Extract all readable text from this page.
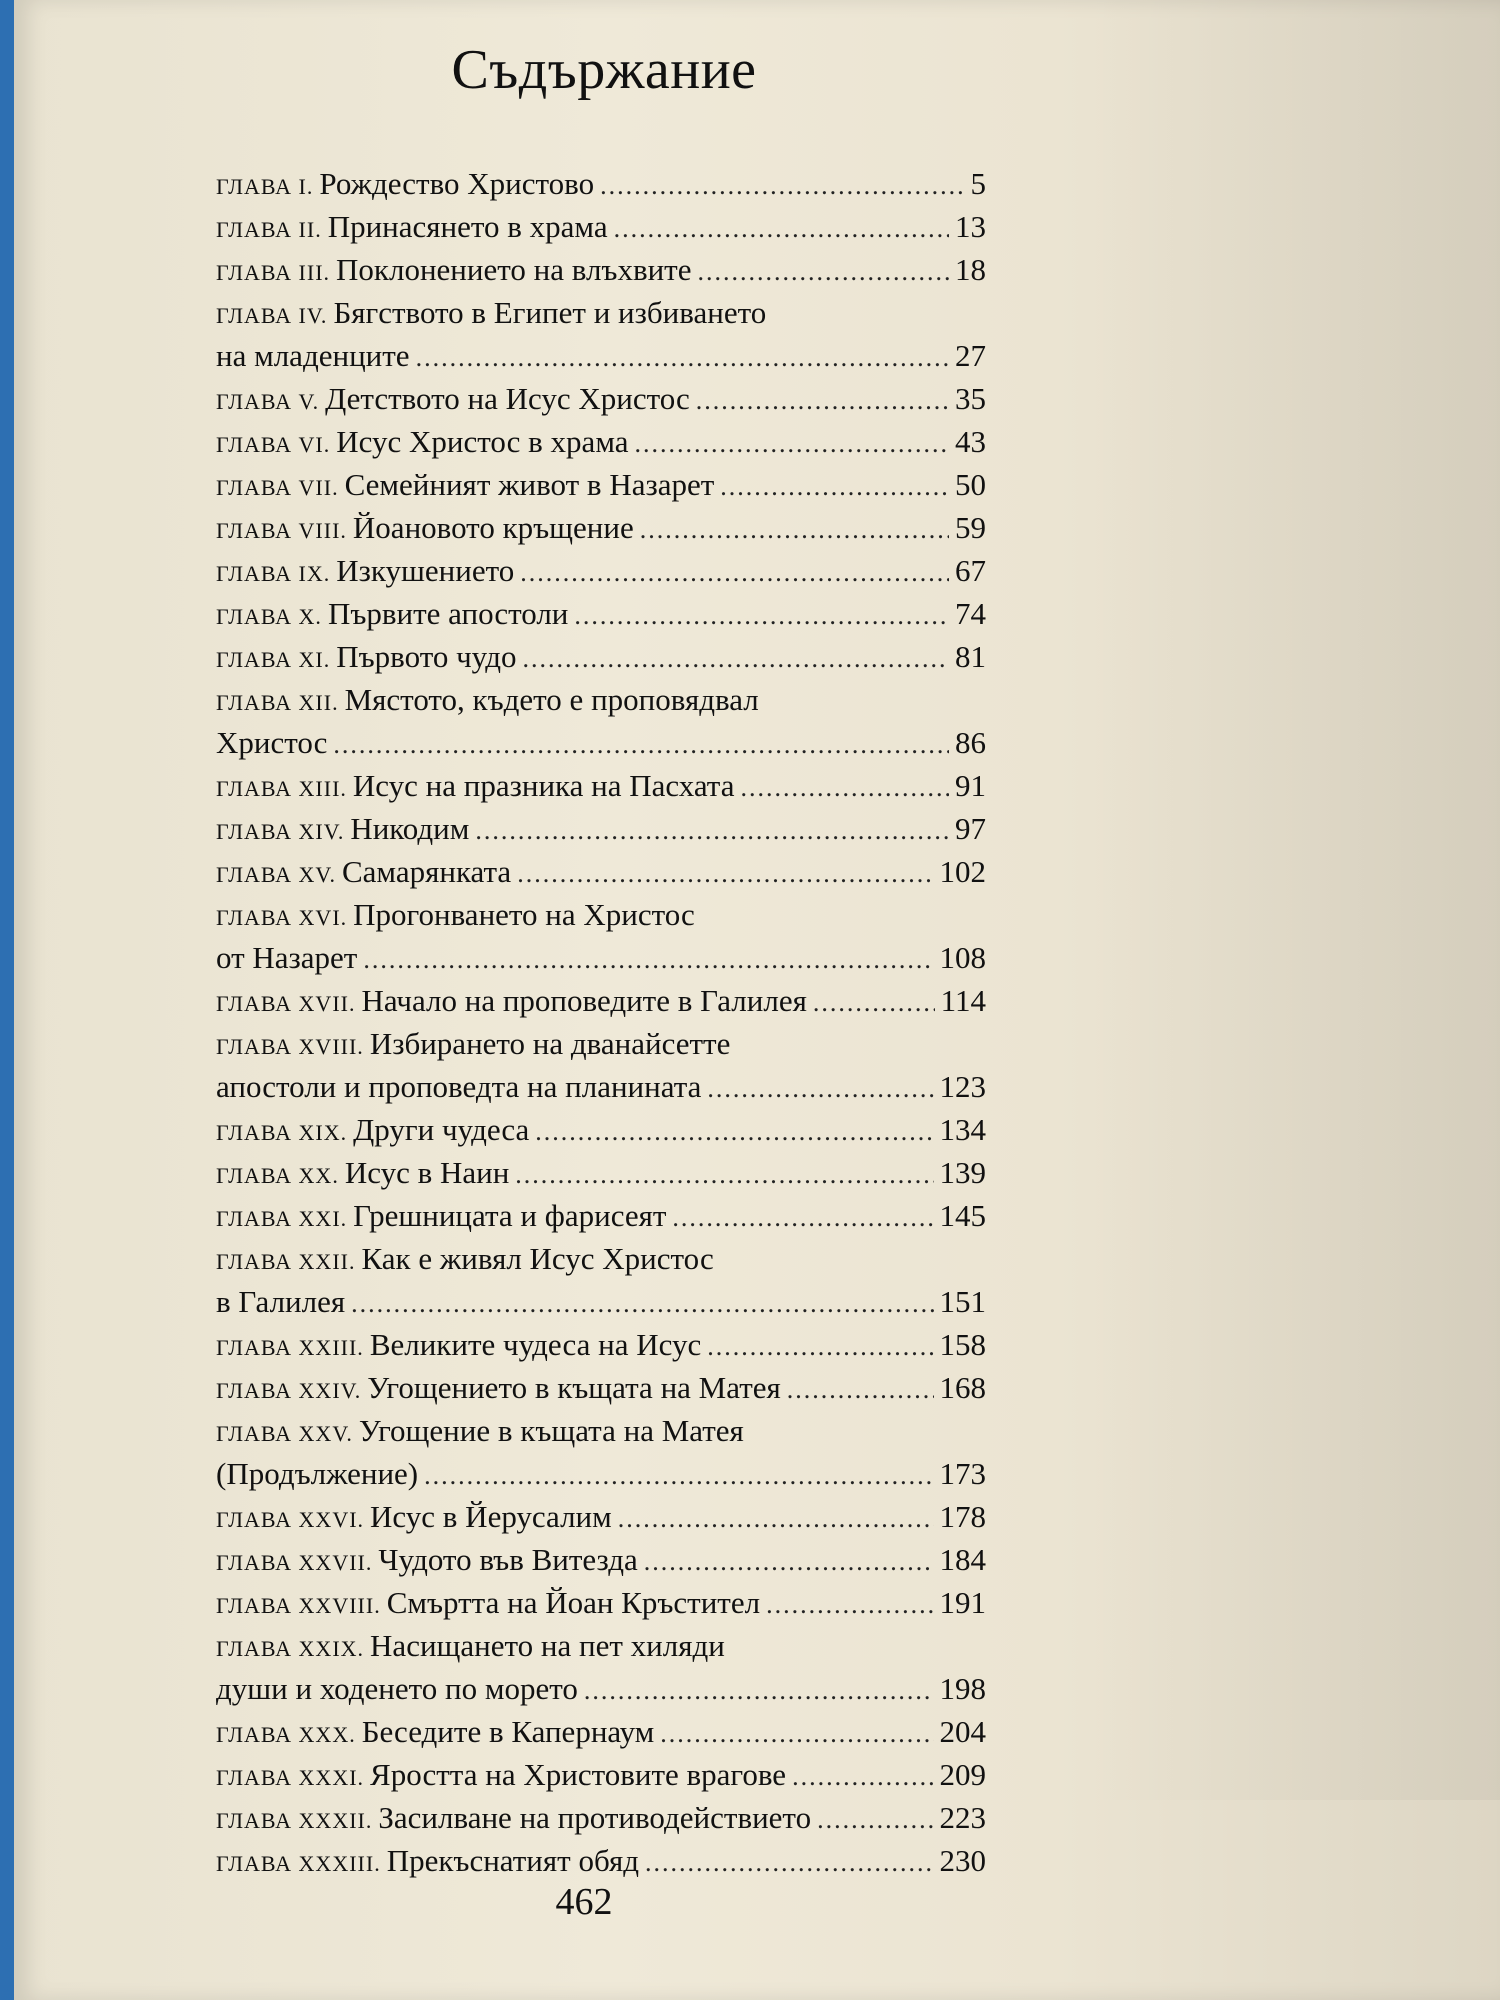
Съдържание
ГЛАВА I. Рождество Христово .....	5
ГЛАВА II. Принасянето в храма .....	13
ГЛАВА III. Поклонението на влъхвите .....	18
ГЛАВА IV. Бягството в Египет и избиването
на младенците .....	27
ГЛАВА V. Детството на Исус Христос .....	35
ГЛАВА VI. Исус Христос в храма .....	43
ГЛАВА VII. Семейният живот в Назарет .....	50
ГЛАВА VIII. Йоановото кръщение .....	59
ГЛАВА IX. Изкушението .....	67
ГЛАВА X. Първите апостоли .....	74
ГЛАВА XI. Първото чудо .....	81
ГЛАВА XII. Мястото, където е проповядвал
Христос .....	86
ГЛАВА XIII. Исус на празника на Пасхата .....	91
ГЛАВА XIV. Никодим .....	97
ГЛАВА XV. Самарянката .....	102
ГЛАВА XVI. Прогонването на Христос
от Назарет .....	108
ГЛАВА XVII. Начало на проповедите в Галилея .....	114
ГЛАВА XVIII. Избирането на дванайсетте
апостоли и проповедта на планината .....	123
ГЛАВА XIX. Други чудеса .....	134
ГЛАВА XX. Исус в Наин .....	139
ГЛАВА XXI. Грешницата и фарисеят .....	145
ГЛАВА XXII. Как е живял Исус Христос
в Галилея .....	151
ГЛАВА XXIII. Великите чудеса на Исус .....	158
ГЛАВА XXIV. Угощението в къщата на Матея .....	168
ГЛАВА XXV. Угощение в къщата на Матея
(Продължение) .....	173
ГЛАВА XXVI. Исус в Йерусалим .....	178
ГЛАВА XXVII. Чудото във Витезда .....	184
ГЛАВА XXVIII. Смъртта на Йоан Кръстител .....	191
ГЛАВА XXIX. Насищането на пет хиляди
души и ходенето по морето .....	198
ГЛАВА XXX. Беседите в Капернаум .....	204
ГЛАВА XXXI. Яростта на Христовите врагове .....	209
ГЛАВА XXXII. Засилване на противодействието .....	223
ГЛАВА XXXIII. Прекъснатият обяд .....	230
462
